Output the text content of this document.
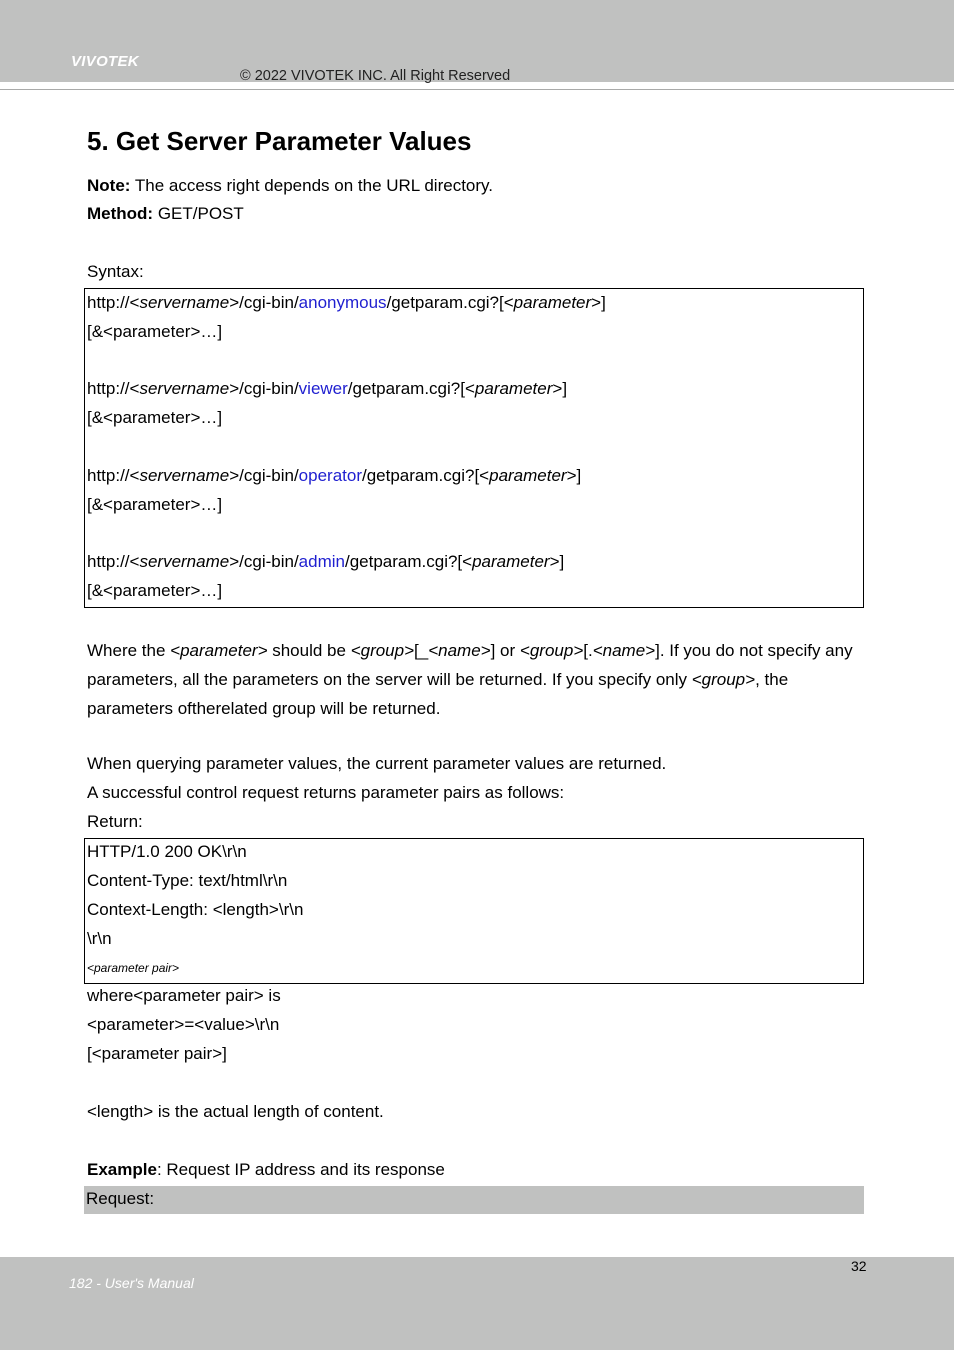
VIVOTEK
© 2022 VIVOTEK INC. All Right Reserved
5. Get Server Parameter Values
Note: The access right depends on the URL directory.
Method: GET/POST
Syntax:
http://<servername>/cgi-bin/anonymous/getparam.cgi?[<parameter>]
[&<parameter>…]
http://<servername>/cgi-bin/viewer/getparam.cgi?[<parameter>]
[&<parameter>…]
http://<servername>/cgi-bin/operator/getparam.cgi?[<parameter>]
[&<parameter>…]
http://<servername>/cgi-bin/admin/getparam.cgi?[<parameter>]
[&<parameter>…]
Where the <parameter> should be <group>[_<name>] or <group>[.<name>]. If you do not specify any parameters, all the parameters on the server will be returned. If you specify only <group>, the parameters oftherelated group will be returned.
When querying parameter values, the current parameter values are returned.
A successful control request returns parameter pairs as follows:
Return:
HTTP/1.0 200 OK\r\n
Content-Type: text/html\r\n
Context-Length: <length>\r\n
\r\n
<parameter pair>
where<parameter pair> is
<parameter>=<value>\r\n
[<parameter pair>]
<length> is the actual length of content.
Example: Request IP address and its response
Request:
32
182 - User's Manual
